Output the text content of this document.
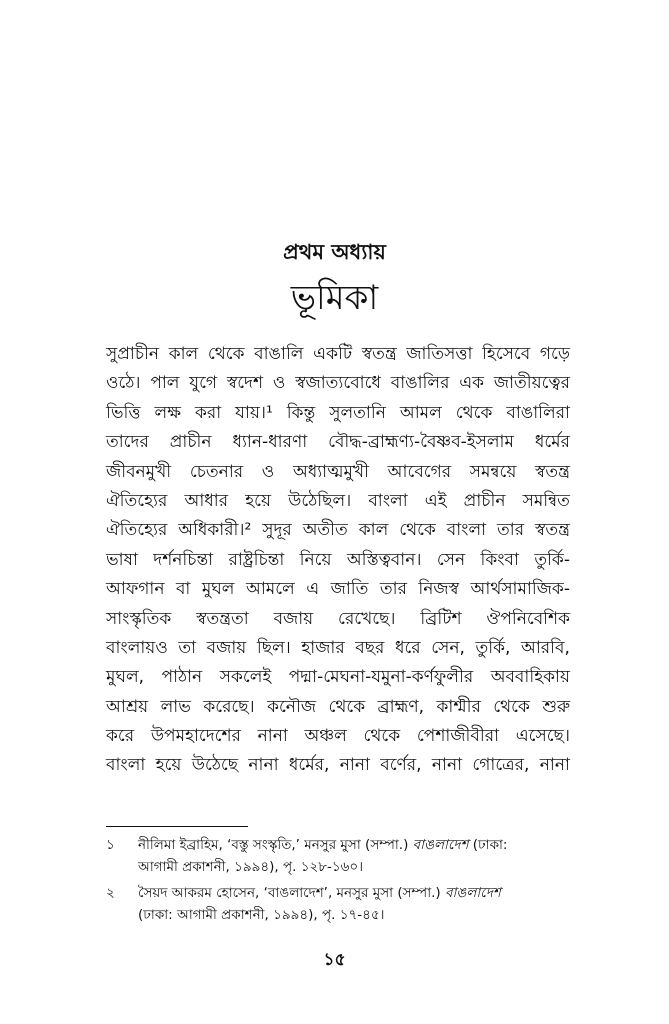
প্রথম অধ্যায়
ভূমিকা
সুপ্রাচীন কাল থেকে বাঙালি একটি স্বতন্ত্র জাতিসত্তা হিসেবে গড়ে
ওঠে। পাল যুগে স্বদেশ ও স্বজাত্যবোধে বাঙালির এক জাতীয়ত্বের
ভিত্তি লক্ষ করা যায়।¹ কিন্তু সুলতানি আমল থেকে বাঙালিরা
তাদের প্রাচীন ধ্যান-ধারণা বৌদ্ধ-ব্রাহ্মণ্য-বৈষ্ণব-ইসলাম ধর্মের
জীবনমুখী চেতনার ও অধ্যাত্মমুখী আবেগের সমন্বয়ে স্বতন্ত্র
ঐতিহ্যের আধার হয়ে উঠেছিল। বাংলা এই প্রাচীন সমন্বিত
ঐতিহ্যের অধিকারী।² সুদূর অতীত কাল থেকে বাংলা তার স্বতন্ত্র
ভাষা দর্শনচিন্তা রাষ্ট্রচিন্তা নিয়ে অস্তিত্ববান। সেন কিংবা তুর্কি-
আফগান বা মুঘল আমলে এ জাতি তার নিজস্ব আর্থসামাজিক-
সাংস্কৃতিক স্বতন্ত্রতা বজায় রেখেছে। ব্রিটিশ ঔপনিবেশিক
বাংলায়ও তা বজায় ছিল। হাজার বছর ধরে সেন, তুর্কি, আরবি,
মুঘল, পাঠান সকলেই পদ্মা-মেঘনা-যমুনা-কর্ণফুলীর অববাহিকায়
আশ্রয় লাভ করেছে। কনৌজ থেকে ব্রাহ্মণ, কাশ্মীর থেকে শুরু
করে উপমহাদেশের নানা অঞ্চল থেকে পেশাজীবীরা এসেছে।
বাংলা হয়ে উঠেছে নানা ধর্মের, নানা বর্ণের, নানা গোত্রের, নানা
১ নীলিমা ইব্রাহিম, ‘বস্তু সংস্কৃতি,’ মনসুর মুসা (সম্পা.) বাঙলাদেশ (ঢাকা:
আগামী প্রকাশনী, ১৯৯৪), পৃ. ১২৮-১৬০।
২ সৈয়দ আকরম হোসেন, ‘বাঙলাদেশ’, মনসুর মুসা (সম্পা.) বাঙলাদেশ
(ঢাকা: আগামী প্রকাশনী, ১৯৯৪), পৃ. ১৭-৪৫।
১৫
